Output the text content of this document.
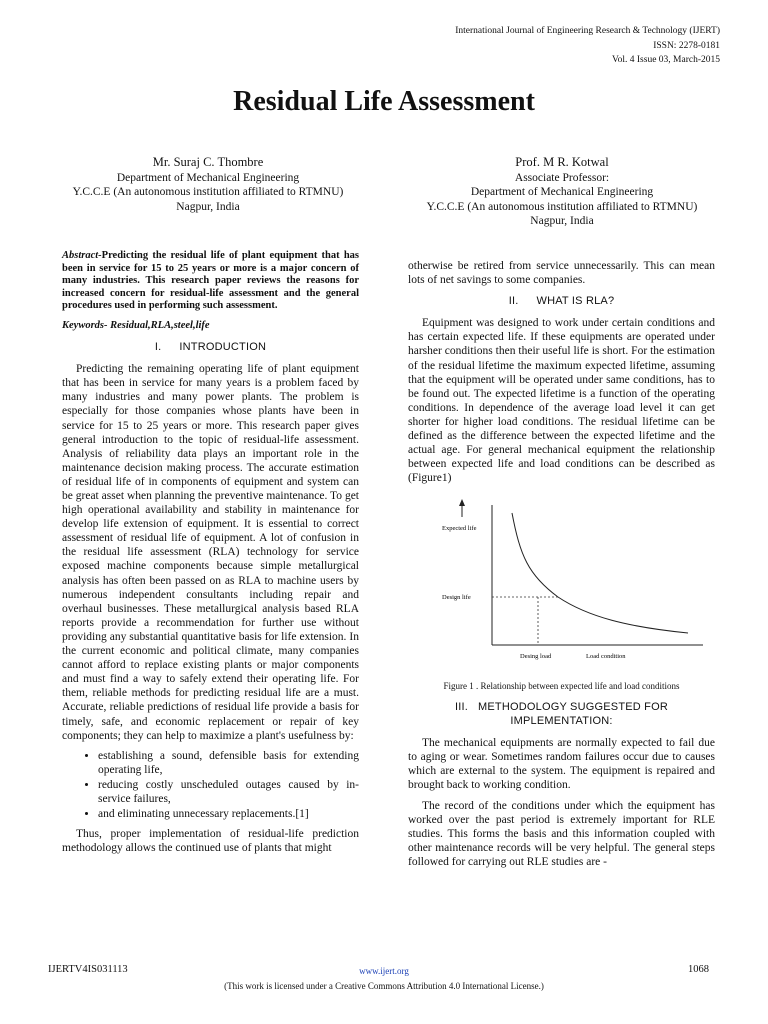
International Journal of Engineering Research & Technology (IJERT)
ISSN: 2278-0181
Vol. 4 Issue 03, March-2015
Residual Life Assessment
Mr. Suraj C. Thombre
Department of Mechanical Engineering
Y.C.C.E (An autonomous institution affiliated to RTMNU)
Nagpur, India
Prof. M R. Kotwal
Associate Professor:
Department of Mechanical Engineering
Y.C.C.E (An autonomous institution affiliated to RTMNU)
Nagpur, India

Abstract-Predicting the residual life of plant equipment that has been in service for 15 to 25 years or more is a major concern of many industries. This research paper reviews the reasons for increased concern for residual-life assessment and the general procedures used in performing such assessment.

Keywords- Residual,RLA,steel,life

I. INTRODUCTION

Predicting the remaining operating life of plant equipment that has been in service for many years is a problem faced by many industries and many power plants. The problem is especially for those companies whose plants have been in service for 15 to 25 years or more. This research paper gives general introduction to the topic of residual-life assessment. Analysis of reliability data plays an important role in the maintenance decision making process. The accurate estimation of residual life of in components of equipment and system can be great asset when planning the preventive maintenance. To get high operational availability and stability in maintenance for develop life extension of equipment. It is essential to correct assessment of residual life of equipment. A lot of confusion in the residual life assessment (RLA) technology for service exposed machine components because simple metallurgical analysis has often been passed on as RLA to machine users by numerous independent consultants including repair and overhaul businesses. These metallurgical analysis based RLA reports provide a recommendation for further use without providing any substantial quantitative basis for life extension. In the current economic and political climate, many companies cannot afford to replace existing plants or major components and must find a way to safely extend their operating life. For them, reliable methods for predicting residual life are a must. Accurate, reliable predictions of residual life provide a basis for timely, safe, and economic replacement or repair of key components; they can help to maximize a plant's usefulness by:

• establishing a sound, defensible basis for extending operating life,
• reducing costly unscheduled outages caused by in-service failures,
• and eliminating unnecessary replacements.[1]

Thus, proper implementation of residual-life prediction methodology allows the continued use of plants that might

otherwise be retired from service unnecessarily. This can mean lots of net savings to some companies.

II. WHAT IS RLA?

Equipment was designed to work under certain conditions and has certain expected life. If these equipments are operated under harsher conditions then their useful life is short. For the estimation of the residual lifetime the maximum expected lifetime, assuming that the equipment will be operated under same conditions, has to be found out. The expected lifetime is a function of the operating conditions. In dependence of the average load level it can get shorter for higher load conditions. The residual lifetime can be defined as the difference between the expected lifetime and the actual age. For general mechanical equipment the relationship between expected life and load conditions can be described as (Figure1)

Expected life
Design life
Desing load	Load condition
Figure 1 . Relationship between expected life and load conditions
III. METHODOLOGY SUGGESTED FOR IMPLEMENTATION:

The mechanical equipments are normally expected to fail due to aging or wear. Sometimes random failures occur due to causes which are external to the system. The equipment is repaired and brought back to working condition.

The record of the conditions under which the equipment has worked over the past period is extremely important for RLE studies. This forms the basis and this information coupled with other maintenance records will be very helpful. The general steps followed for carrying out RLE studies are -

IJERTV4IS031113	www.ijert.org	1068
(This work is licensed under a Creative Commons Attribution 4.0 International License.)
